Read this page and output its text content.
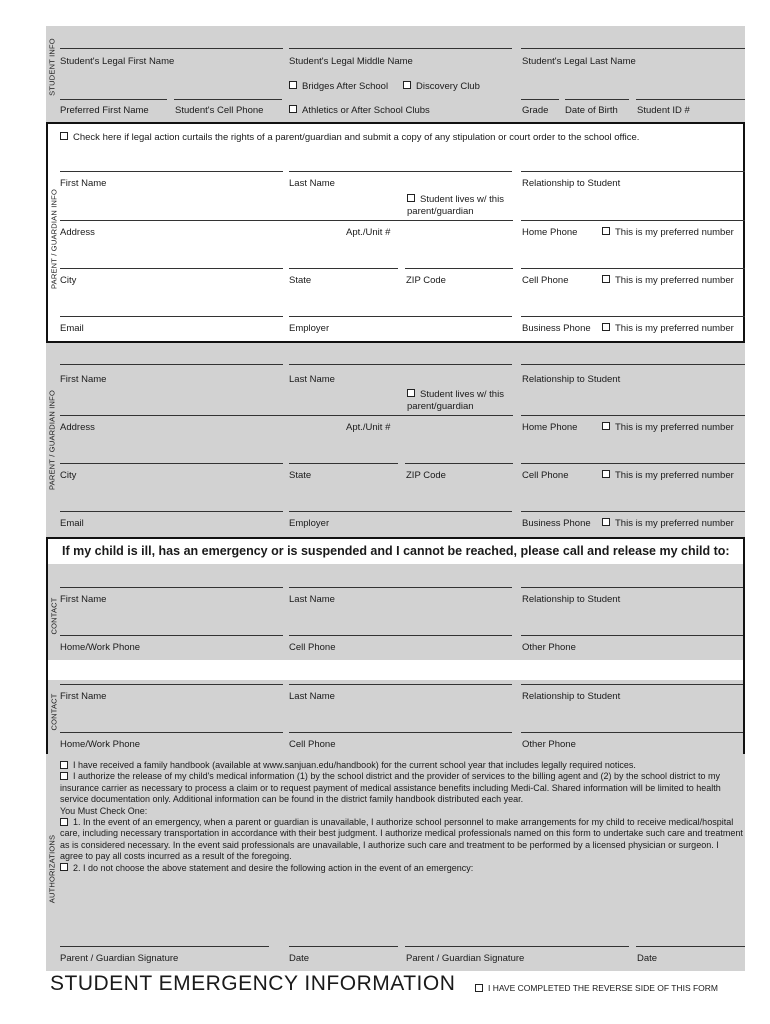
STUDENT INFO Student's Legal First Name	Student's Legal Middle Name	Student's Legal Last Name
Bridges After School	Discovery Club
Preferred First Name	Student's Cell Phone	Athletics or After School Clubs	Grade Date of Birth Student ID #
Check here if legal action curtails the rights of a parent/guardian and submit a copy of any stipulation or court order to the school office.
PARENT / GUARDIAN INFO
First Name	Last Name	Relationship to Student
Student lives w/ this
parent/guardian
Address	Apt./Unit #	Home Phone	This is my preferred number
City	State	ZIP Code	Cell Phone	This is my preferred number
Email	Employer	Business Phone	This is my preferred number
PARENT / GUARDIAN INFO
First Name	Last Name	Relationship to Student
Student lives w/ this
parent/guardian
Address	Apt./Unit #	Home Phone	This is my preferred number
City	State	ZIP Code	Cell Phone	This is my preferred number
Email	Employer	Business Phone	This is my preferred number
If my child is ill, has an emergency or is suspended and I cannot be reached, please call and release my child to:
CONTACT First Name	Last Name	Relationship to Student
Home/Work Phone	Cell Phone	Other Phone
CONTACT First Name	Last Name	Relationship to Student
Home/Work Phone	Cell Phone	Other Phone
AUTHORIZATIONS

I have received a family handbook (available at www.sanjuan.edu/handbook) for the current school year that includes legally required notices.

I authorize the release of my child's medical information (1) by the school district and the provider of services to the billing agent and (2) by the school district to my insurance carrier as necessary to process a claim or to request payment of medical assistance benefits including Medi-Cal. Shared information will be limited to health service documentation only. Additional information can be found in the district family handbook distributed each year.

You Must Check One:

1. In the event of an emergency, when a parent or guardian is unavailable, I authorize school personnel to make arrangements for my child to receive medical/hospital care, including necessary transportation in accordance with their best judgment. I authorize medical professionals named on this form to undertake such care and treatment as is considered necessary. In the event said professionals are unavailable, I authorize such care and treatment to be performed by a licensed physician or surgeon. I agree to pay all costs incurred as a result of the foregoing.

2. I do not choose the above statement and desire the following action in the event of an emergency:

Parent / Guardian Signature	Date	Parent / Guardian Signature	Date
STUDENT EMERGENCY INFORMATION	I HAVE COMPLETED THE REVERSE SIDE OF THIS FORM
